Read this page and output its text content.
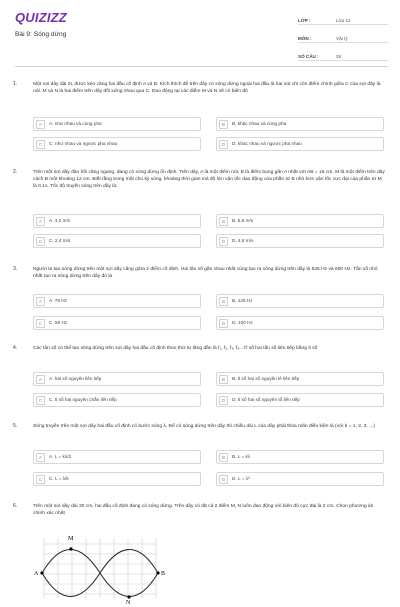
QUIZIZZ
Bài 9: Sóng dừng
LỚP :	Lớp 12
MÔN :	Vật lý
SỐ CÂU :	29
1.	Một sợi dây dài 2L được kéo căng hai đầu cố định A và B. Kích thích để trên dây có sóng dừng ngoài hai đầu là hai nút chỉ còn điểm chính giữa C của sợi dây là nút. M và N là hai điểm trên dây đối xứng nhau qua C. Dao động tại các điểm M và N sẽ có biên độ
A	A. như nhau và cùng pha	B	B. khác nhau và cùng pha
C	C. như nhau và ngược pha nhau	D	D. khác nhau và ngược pha nhau
2.	Trên một sợi dây đàn hồi căng ngang, đang có sóng dừng ổn định. Trên dây, A là một điểm nút, B là điểm bụng gần A nhất với AB = 18 cm, M là một điểm trên dây cách B một khoảng 12 cm. Biết rằng trong một chu kỳ sóng, khoảng thời gian mà độ lớn vận tốc dao động của phần tử B nhỏ hơn vận tốc cực đại của phần tử M là 0,1s. Tốc độ truyền sóng trên dây là:
A	A. 3,2 m/s	B	B. 5,6 m/s
C	C. 2,4 m/s	D	D. 4,8 m/s
3.	Người ta tạo sóng dừng trên một sợi dây căng giữa 2 điểm cố định. Hai tần số gần nhau nhất cùng tạo ra sóng dừng trên dây là 525 Hz và 600 Hz. Tần số nhỏ nhất tạo ra sóng dừng trên dây đó là
A	A. 75 Hz	B	B. 125 Hz
C	C. 50 Hz	D	D. 100 Hz
4.	Các tần số có thể tạo sóng dừng trên sợi dây hai đầu cố định theo thứ tự tăng dần là f₁, f₂, f₃, f₄...Tỉ số hai tần số liên tiếp bằng tỉ số
A	A. hai số nguyên liên tiếp	B	B. tỉ số hai số nguyên lẻ liên tiếp
C	C. tỉ số hai nguyên chẵn liên tiếp	D	D. tỉ số hai số nguyên tố liên tiếp
5.	Sóng truyền trên một sợi dây hai đầu cố định có bước sóng λ. Để có sóng dừng trên dây thì chiều dài L của dây phải thỏa mãn điều kiện là (với k = 1, 2, 3, ...)
A	A. L = kλ/2	B	B. L = kλ
C	C. L = λ/k	D	D. L = λ²
6.	Trên một sợi dây dài 30 cm, hai đầu cố định đang có sóng dừng. Trên dây có tất cả 2 điểm M, N luôn dao động với biên độ cực đại là 2 cm. Chọn phương án chính xác nhất
M
A	B
N
